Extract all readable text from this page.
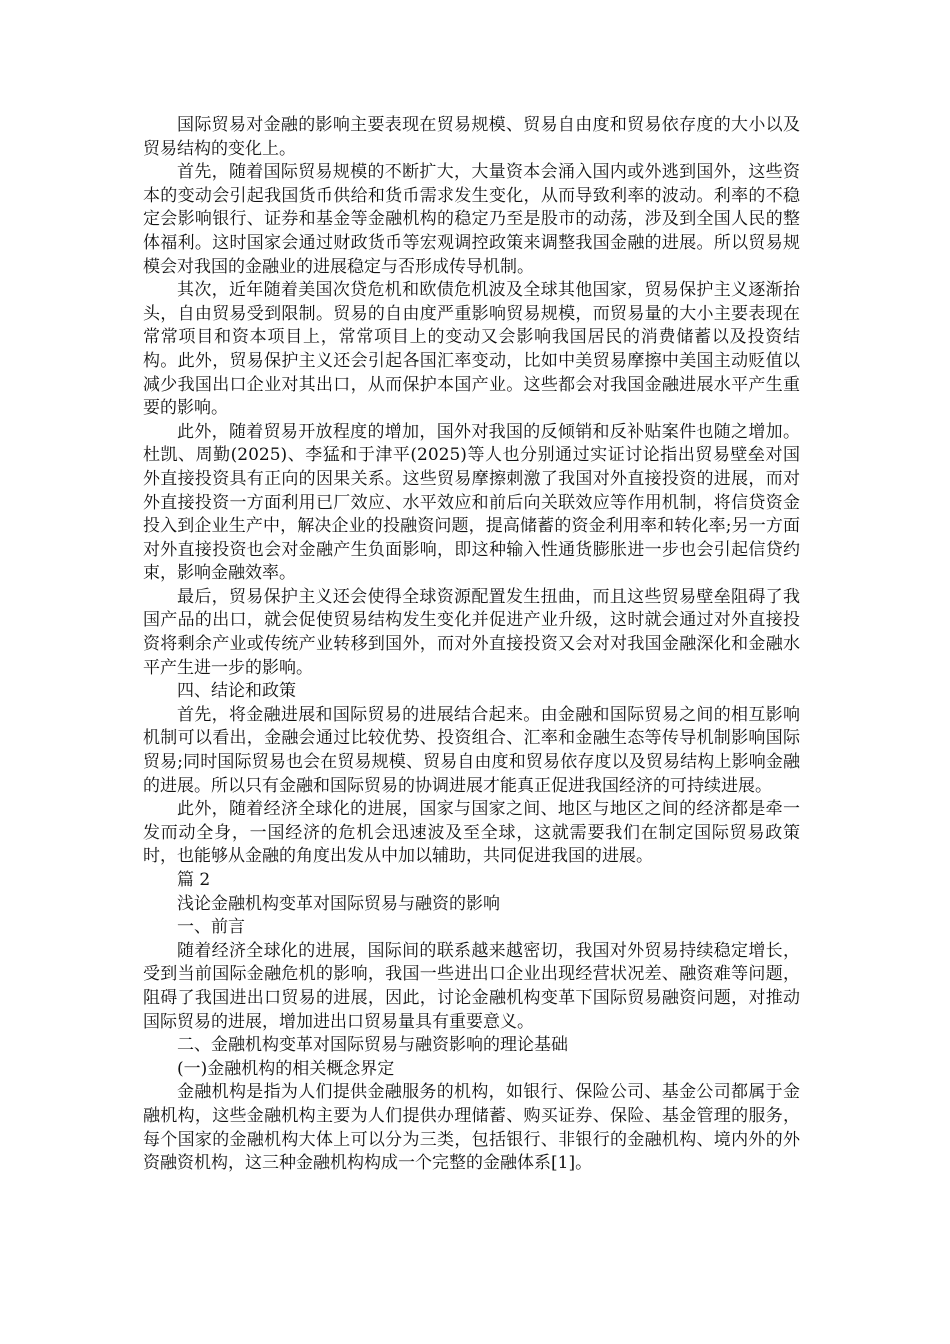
国际贸易对金融的影响主要表现在贸易规模、贸易自由度和贸易依存度的大小以及贸易结构的变化上。

首先，随着国际贸易规模的不断扩大，大量资本会涌入国内或外逃到国外，这些资本的变动会引起我国货币供给和货币需求发生变化，从而导致利率的波动。利率的不稳定会影响银行、证券和基金等金融机构的稳定乃至是股市的动荡，涉及到全国人民的整体福利。这时国家会通过财政货币等宏观调控政策来调整我国金融的进展。所以贸易规模会对我国的金融业的进展稳定与否形成传导机制。

其次，近年随着美国次贷危机和欧债危机波及全球其他国家，贸易保护主义逐渐抬头，自由贸易受到限制。贸易的自由度严重影响贸易规模，而贸易量的大小主要表现在常常项目和资本项目上，常常项目上的变动又会影响我国居民的消费储蓄以及投资结构。此外，贸易保护主义还会引起各国汇率变动，比如中美贸易摩擦中美国主动贬值以减少我国出口企业对其出口，从而保护本国产业。这些都会对我国金融进展水平产生重要的影响。

此外，随着贸易开放程度的增加，国外对我国的反倾销和反补贴案件也随之增加。杜凯、周勤(2025)、李猛和于津平(2025)等人也分别通过实证讨论指出贸易壁垒对国外直接投资具有正向的因果关系。这些贸易摩擦刺激了我国对外直接投资的进展，而对外直接投资一方面利用已厂效应、水平效应和前后向关联效应等作用机制，将信贷资金投入到企业生产中，解决企业的投融资问题，提高储蓄的资金利用率和转化率;另一方面对外直接投资也会对金融产生负面影响，即这种输入性通货膨胀进一步也会引起信贷约束，影响金融效率。

最后，贸易保护主义还会使得全球资源配置发生扭曲，而且这些贸易壁垒阻碍了我国产品的出口，就会促使贸易结构发生变化并促进产业升级，这时就会通过对外直接投资将剩余产业或传统产业转移到国外，而对外直接投资又会对对我国金融深化和金融水平产生进一步的影响。

四、结论和政策

首先，将金融进展和国际贸易的进展结合起来。由金融和国际贸易之间的相互影响机制可以看出，金融会通过比较优势、投资组合、汇率和金融生态等传导机制影响国际贸易;同时国际贸易也会在贸易规模、贸易自由度和贸易依存度以及贸易结构上影响金融的进展。所以只有金融和国际贸易的协调进展才能真正促进我国经济的可持续进展。

此外，随着经济全球化的进展，国家与国家之间、地区与地区之间的经济都是牵一发而动全身，一国经济的危机会迅速波及至全球，这就需要我们在制定国际贸易政策时，也能够从金融的角度出发从中加以辅助，共同促进我国的进展。

篇 2

浅论金融机构变革对国际贸易与融资的影响

一、前言

随着经济全球化的进展，国际间的联系越来越密切，我国对外贸易持续稳定增长，受到当前国际金融危机的影响，我国一些进出口企业出现经营状况差、融资难等问题，阻碍了我国进出口贸易的进展，因此，讨论金融机构变革下国际贸易融资问题，对推动国际贸易的进展，增加进出口贸易量具有重要意义。

二、金融机构变革对国际贸易与融资影响的理论基础

(一)金融机构的相关概念界定

金融机构是指为人们提供金融服务的机构，如银行、保险公司、基金公司都属于金融机构，这些金融机构主要为人们提供办理储蓄、购买证券、保险、基金管理的服务，每个国家的金融机构大体上可以分为三类，包括银行、非银行的金融机构、境内外的外资融资机构，这三种金融机构构成一个完整的金融体系[1]。
